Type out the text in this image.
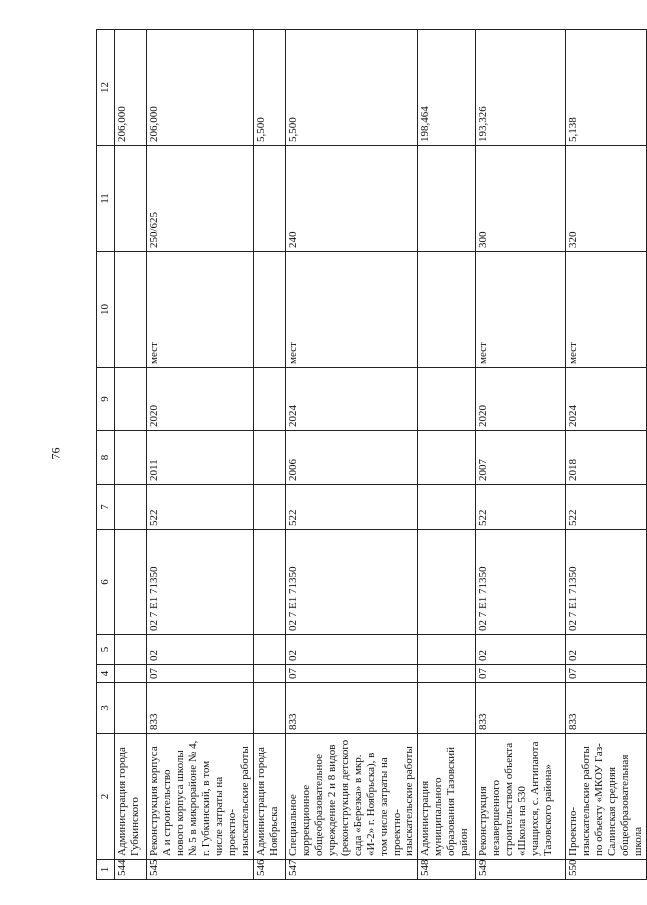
76
1	2	3	4	5	6	7	8	9	10	11	12
544	Администрация города Губкинского										206,000
545	Реконструкция корпуса А и строительство нового корпуса школы № 5 в микрорайоне № 4, г. Губкинский, в том числе затраты на проектно-изыскательские работы	833	07	02	02 7 E1 71350	522	2011	2020	мест	250/625	206,000
546	Администрация города Ноябрьска										5,500
547	Специальное коррекционное общеобразовательное учреждение 2 и 8 видов (реконструкция детского сада «Березка» в мкр. «И-2» г. Ноябрьска), в том числе затраты на проектно-изыскательские работы	833	07	02	02 7 E1 71350	522	2006	2024	мест	240	5,500
548	Администрация муниципального образования Тазовский район										198,464
549	Реконструкция незавершенного строительством объекта «Школа на 530 учащихся, с. Антипаюта Тазовского района»	833	07	02	02 7 E1 71350	522	2007	2020	мест	300	193,326
550	Проектно-изыскательские работы по объекту «МКОУ Газ-Салинская средняя общеобразовательная школа	833	07	02	02 7 E1 71350	522	2018	2024	мест	320	5,138
